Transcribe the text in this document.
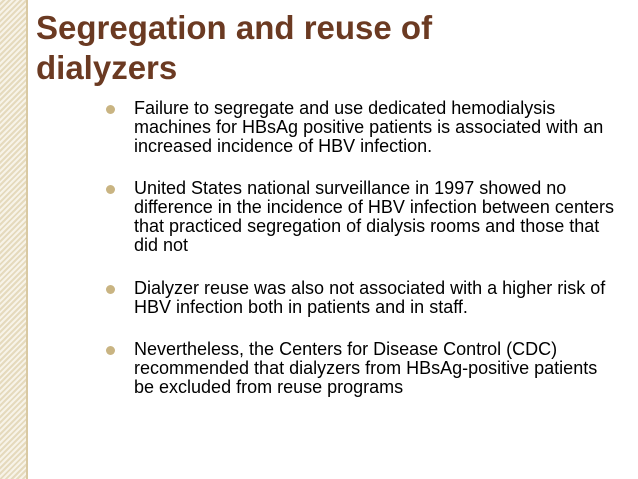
Segregation and reuse of dialyzers
Failure to segregate and use dedicated hemodialysis machines for HBsAg positive patients is associated with an increased incidence of HBV infection.
United States national surveillance in 1997 showed no difference in the incidence of HBV infection between centers that practiced segregation of dialysis rooms and those that did not
Dialyzer reuse was also not associated with a higher risk of HBV infection both in patients and in staff.
Nevertheless, the Centers for Disease Control (CDC) recommended that dialyzers from HBsAg-positive patients be excluded from reuse programs
